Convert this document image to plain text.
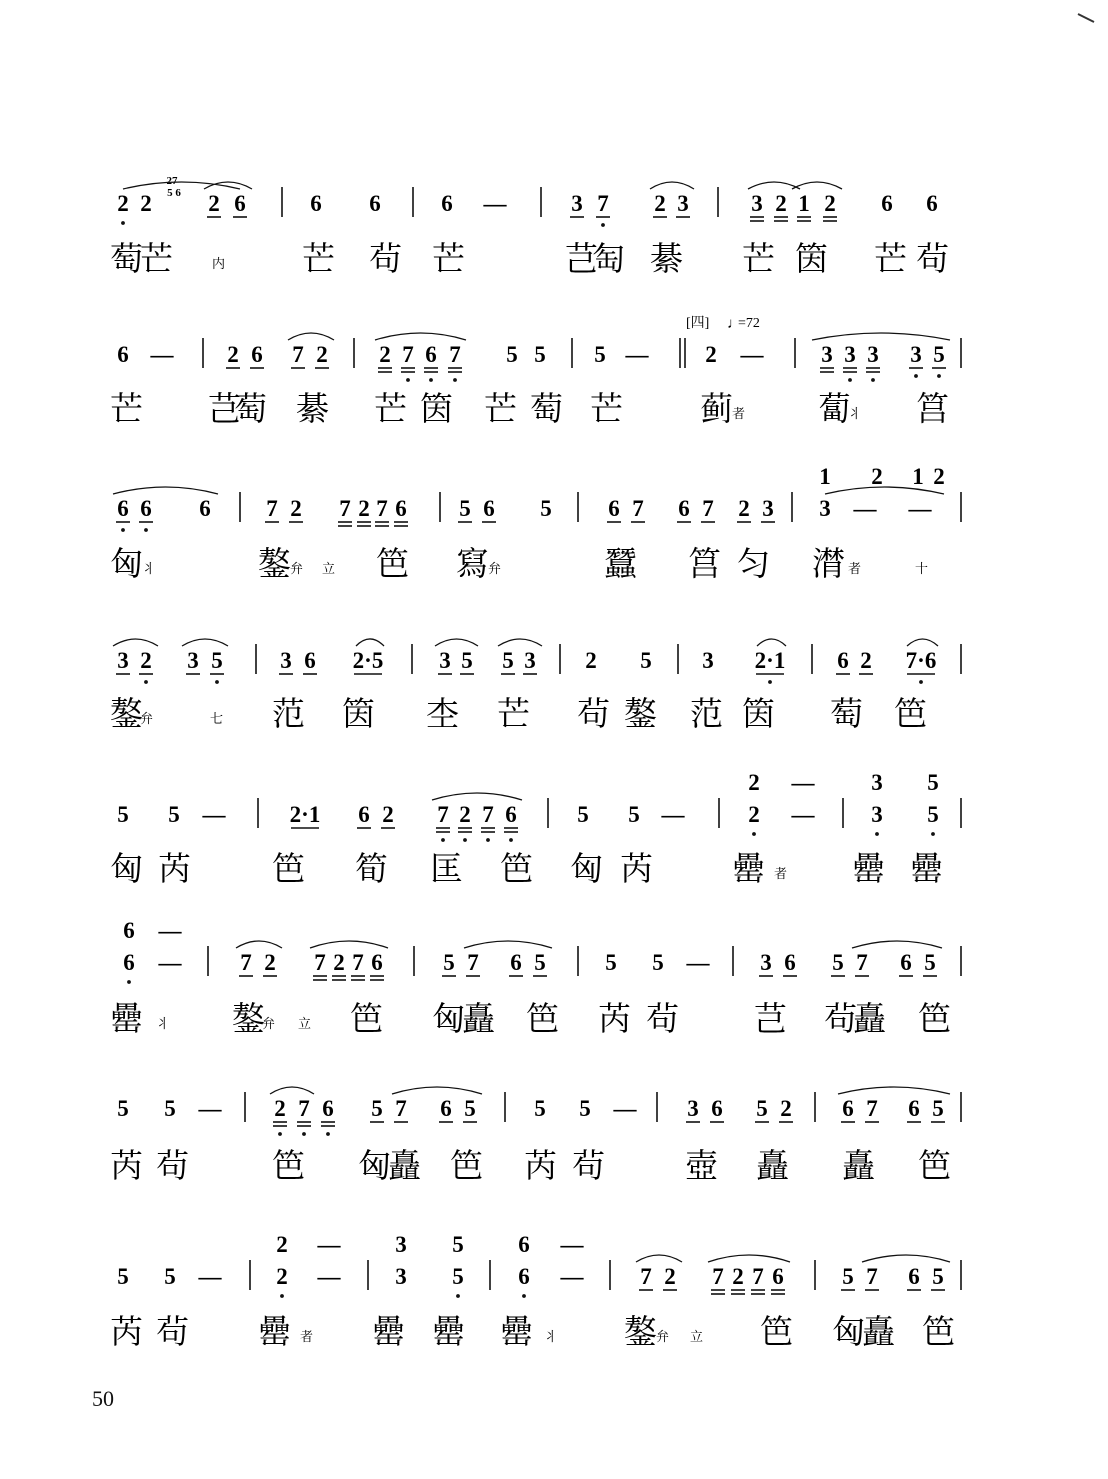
2 2 2 6	6 6	6 —	3 7 2 3	3 2 1 2 6 6
27
5 6
萄
芒	内 芒 茍 芒	芑
匋 綦 芒 筃 芒 茍
6 — 2 6 7 2 2 7 6 7 5 5 5 — 2 —	3 3 3 3 5
芒 芑
萄 綦 芒 筃 芒 萄 芒 蓟 者 蔔
丬 筥
6 6 6 7 2 7 2 7 6 5 6 5 6 7 6 7 2 3 3 — —
1 2 1 2
匈 丬	鏊 弁 立 笆 寫 弁	蠶 筥 匀 潸 者	十
3 2 3 5	3 6 2·5 3 5 5 3 2 5 3 2·1 6 2 7·6
鏊
弁	七 范 筃 杢 芒 茍 鏊 范 筃 萄 笆
5 5 —	2·1 6 2 7 2 7 6	5 5 —	2 — 3 5
2 — 3 5
匈 芮 笆 筍 匡 笆 匈 芮 罍 者 罍 罍
6 —	7 2 7 2 7 6	5 7 6 5	5 5 — 3 6 5 7 6 5
6 —
罍 丬 鏊
弁 立 笆 匈
矗 笆 芮 茍 芑 茍
矗 笆
5 5 — 2 7 6 5 7 6 5	5 5 — 3 6 5 2 6 7 6 5
芮 茍	笆 匈
矗 笆 芮 茍 壺 矗 矗 笆
5 5 — 2 — 3 5 6 — 7 2 7 2 7 6	5 7 6 5
2 — 3 5 6 —
芮 茍 罍 者 罍 罍 罍 丬 鏊 弁 立 笆 匈
矗 笆
[四] ♩
=72
50
